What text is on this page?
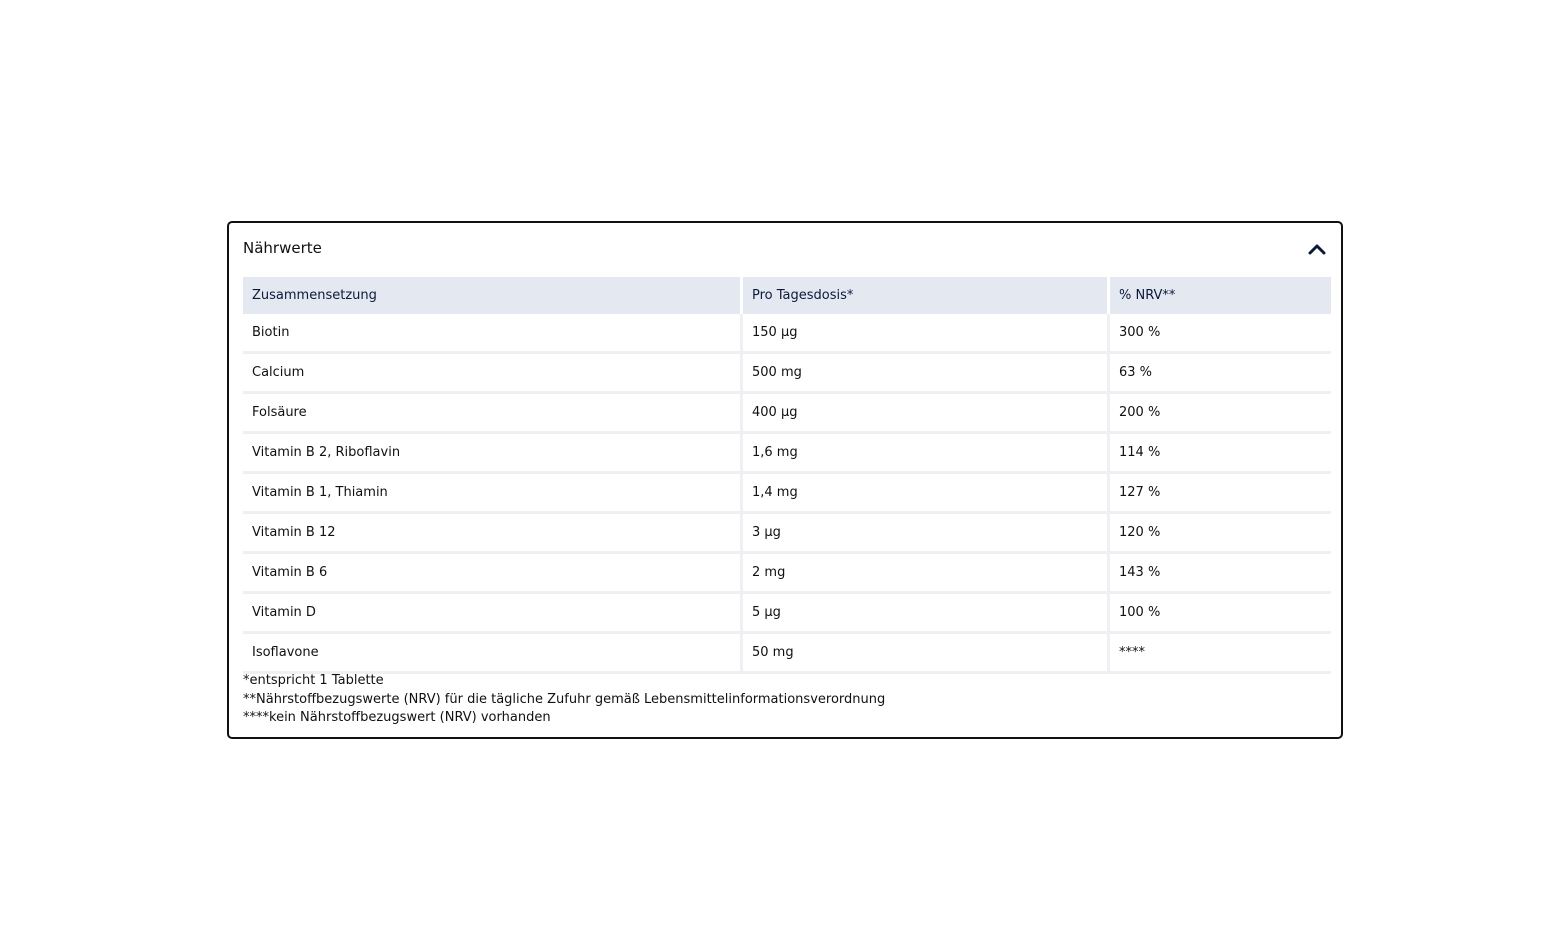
Nährwerte
Zusammensetzung	Pro Tagesdosis*	% NRV**
Biotin	150 µg	300 %
Calcium	500 mg	63 %
Folsäure	400 µg	200 %
Vitamin B 2, Riboflavin	1,6 mg	114 %
Vitamin B 1, Thiamin	1,4 mg	127 %
Vitamin B 12	3 µg	120 %
Vitamin B 6	2 mg	143 %
Vitamin D	5 µg	100 %
Isoflavone	50 mg	****
*entspricht 1 Tablette
**Nährstoffbezugswerte (NRV) für die tägliche Zufuhr gemäß Lebensmittelinformationsverordnung
****kein Nährstoffbezugswert (NRV) vorhanden
